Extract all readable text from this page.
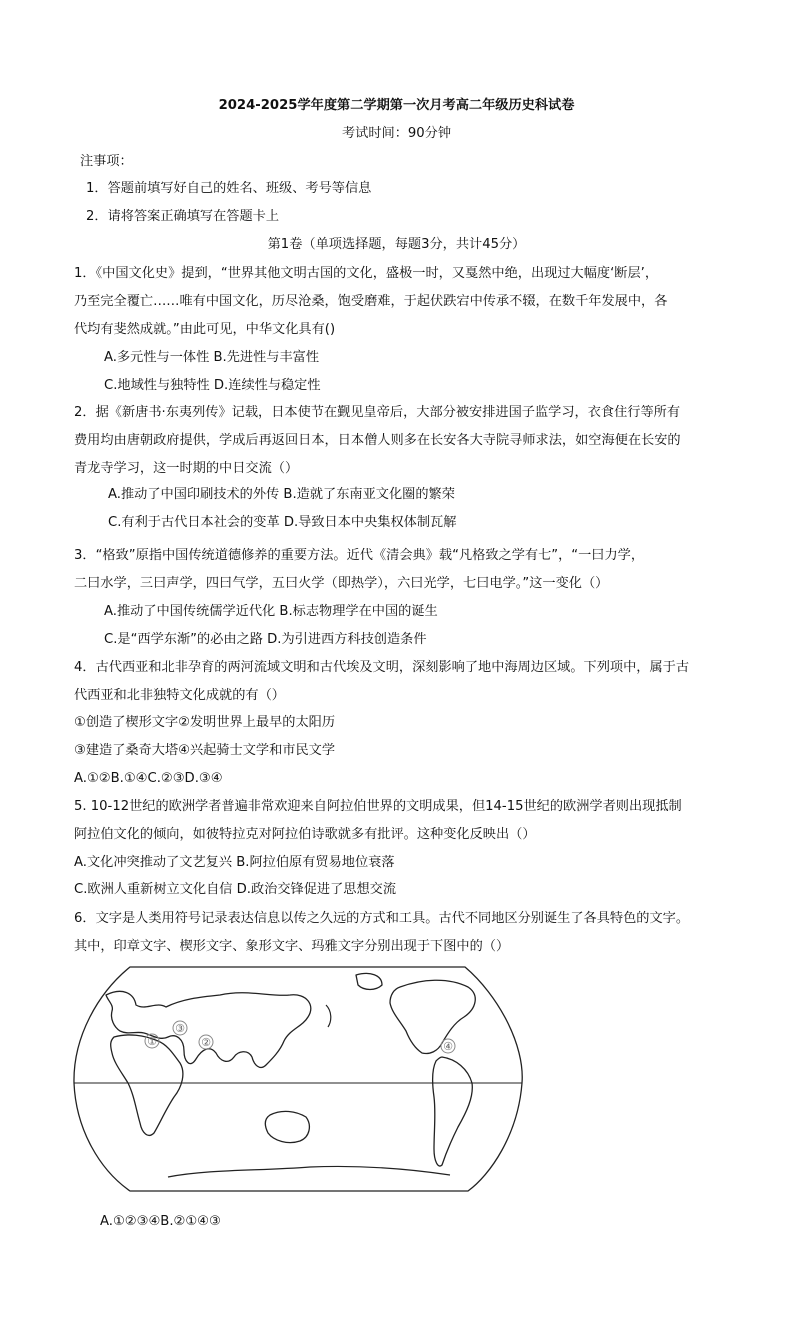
2024-2025学年度第二学期第一次月考高二年级历史科试卷
考试时间：90分钟
注事项：
1．答题前填写好自己的姓名、班级、考号等信息
2．请将答案正确填写在答题卡上
第1卷（单项选择题，每题3分，共计45分）
1．《中国文化史》提到，“世界其他文明古国的文化，盛极一时，又戛然中绝，出现过大幅度‘断层’，
乃至完全覆亡……唯有中国文化，历尽沧桑，饱受磨难，于起伏跌宕中传承不辍，在数千年发展中，各
代均有斐然成就。”由此可见，中华文化具有()
A.多元性与一体性 B.先进性与丰富性
C.地域性与独特性 D.连续性与稳定性
2．据《新唐书·东夷列传》记载，日本使节在觐见皇帝后，大部分被安排进国子监学习，衣食住行等所有
费用均由唐朝政府提供，学成后再返回日本，日本僧人则多在长安各大寺院寻师求法，如空海便在长安的
青龙寺学习，这一时期的中日交流（）
A.推动了中国印刷技术的外传 B.造就了东南亚文化圈的繁荣
C.有利于古代日本社会的变革 D.导致日本中央集权体制瓦解
3．“格致”原指中国传统道德修养的重要方法。近代《清会典》载“凡格致之学有七”，“一曰力学，
二曰水学，三曰声学，四曰气学，五曰火学（即热学），六曰光学，七曰电学。”这一变化（）
A.推动了中国传统儒学近代化 B.标志物理学在中国的诞生
C.是“西学东渐”的必由之路 D.为引进西方科技创造条件
4．古代西亚和北非孕育的两河流域文明和古代埃及文明，深刻影响了地中海周边区域。下列项中，属于古
代西亚和北非独特文化成就的有（）
①创造了楔形文字②发明世界上最早的太阳历
③建造了桑奇大塔④兴起骑士文学和市民文学
A.①②B.①④C.②③D.③④
5. 10-12世纪的欧洲学者普遍非常欢迎来自阿拉伯世界的文明成果，但14-15世纪的欧洲学者则出现抵制
阿拉伯文化的倾向，如彼特拉克对阿拉伯诗歌就多有批评。这种变化反映出（）
A.文化冲突推动了文艺复兴 B.阿拉伯原有贸易地位衰落
C.欧洲人重新树立文化自信 D.政治交锋促进了思想交流
6．文字是人类用符号记录表达信息以传之久远的方式和工具。古代不同地区分别诞生了各具特色的文字。
其中，印章文字、楔形文字、象形文字、玛雅文字分别出现于下图中的（）
①
③
②	④
A.①②③④B.②①④③
